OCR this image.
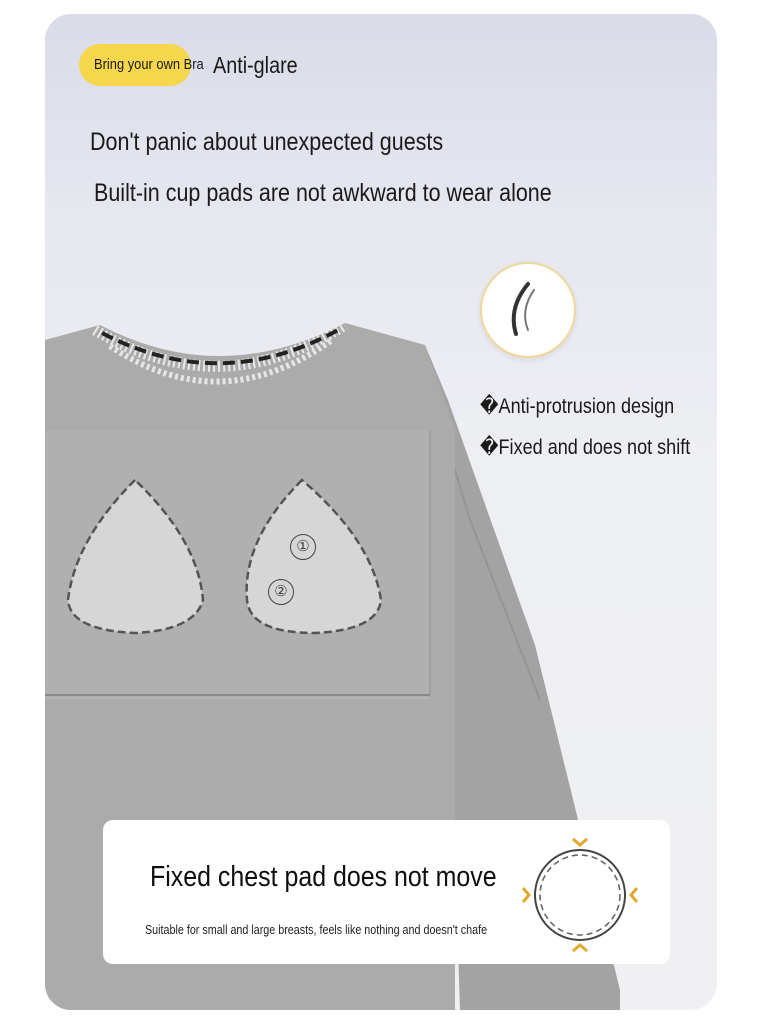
Bring your own Bra Anti-glare
Don't panic about unexpected guests
Built-in cup pads are not awkward to wear alone
�Anti-protrusion design
�Fixed and does not shift
①
②
Fixed chest pad does not move
Suitable for small and large breasts, feels like nothing and doesn't chafe
